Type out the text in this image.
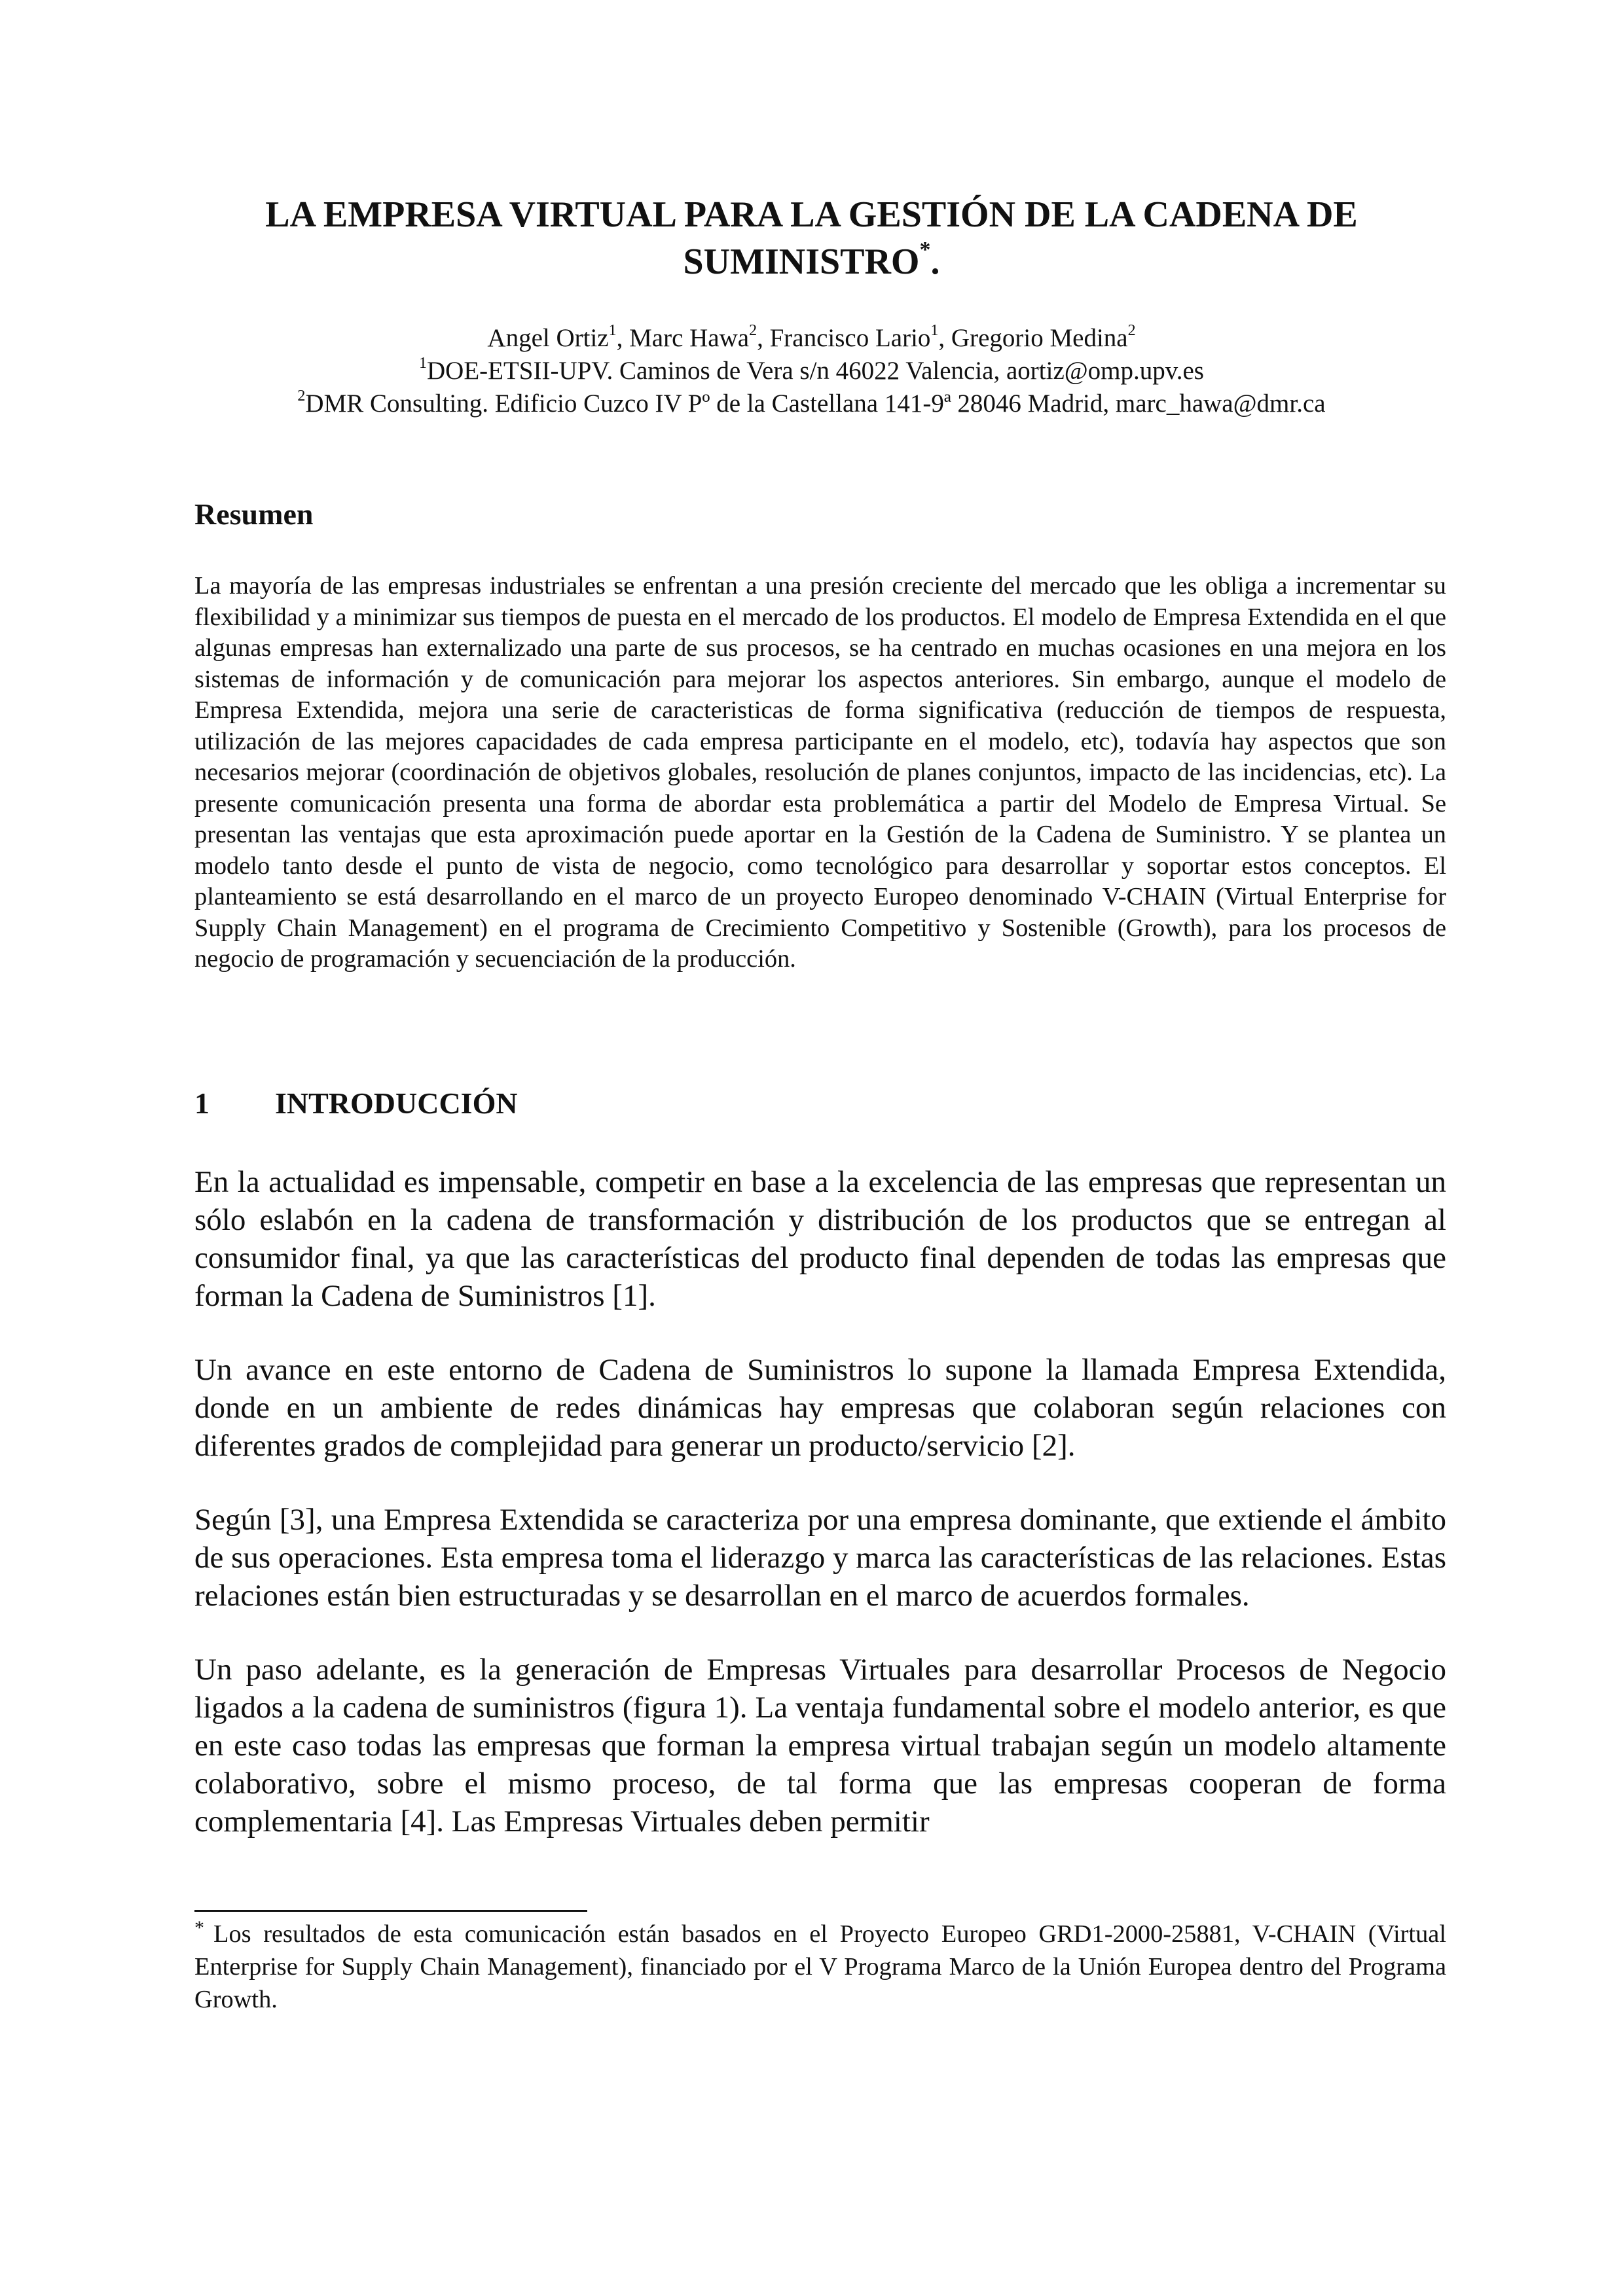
LA EMPRESA VIRTUAL PARA LA GESTIÓN DE LA CADENA DE
SUMINISTRO*.
Angel Ortiz$^1$, Marc Hawa$^2$, Francisco Lario$^1$, Gregorio Medina$^2$
$^1$DOE-ETSII-UPV. Caminos de Vera s/n 46022 Valencia, aortiz@omp.upv.es
$^2$DMR Consulting. Edificio Cuzco IV Pº de la Castellana 141-9ª 28046 Madrid, marc_hawa@dmr.ca
Resumen

La mayoría de las empresas industriales se enfrentan a una presión creciente del mercado que les obliga a incrementar su flexibilidad y a minimizar sus tiempos de puesta en el mercado de los productos. El modelo de Empresa Extendida en el que algunas empresas han externalizado una parte de sus procesos, se ha centrado en muchas ocasiones en una mejora en los sistemas de información y de comunicación para mejorar los aspectos anteriores. Sin embargo, aunque el modelo de Empresa Extendida, mejora una serie de caracteristicas de forma significativa (reducción de tiempos de respuesta, utilización de las mejores capacidades de cada empresa participante en el modelo, etc), todavía hay aspectos que son necesarios mejorar (coordinación de objetivos globales, resolución de planes conjuntos, impacto de las incidencias, etc). La presente comunicación presenta una forma de abordar esta problemática a partir del Modelo de Empresa Virtual. Se presentan las ventajas que esta aproximación puede aportar en la Gestión de la Cadena de Suministro. Y se plantea un modelo tanto desde el punto de vista de negocio, como tecnológico para desarrollar y soportar estos conceptos. El planteamiento se está desarrollando en el marco de un proyecto Europeo denominado V-CHAIN (Virtual Enterprise for Supply Chain Management) en el programa de Crecimiento Competitivo y Sostenible (Growth), para los procesos de negocio de programación y secuenciación de la producción.

1 INTRODUCCIÓN

En la actualidad es impensable, competir en base a la excelencia de las empresas que representan un sólo eslabón en la cadena de transformación y distribución de los productos que se entregan al consumidor final, ya que las características del producto final dependen de todas las empresas que forman la Cadena de Suministros [1].

Un avance en este entorno de Cadena de Suministros lo supone la llamada Empresa Extendida, donde en un ambiente de redes dinámicas hay empresas que colaboran según relaciones con diferentes grados de complejidad para generar un producto/servicio [2].

Según [3], una Empresa Extendida se caracteriza por una empresa dominante, que extiende el ámbito de sus operaciones. Esta empresa toma el liderazgo y marca las características de las relaciones. Estas relaciones están bien estructuradas y se desarrollan en el marco de acuerdos formales.

Un paso adelante, es la generación de Empresas Virtuales para desarrollar Procesos de Negocio ligados a la cadena de suministros (figura 1). La ventaja fundamental sobre el modelo anterior, es que en este caso todas las empresas que forman la empresa virtual trabajan según un modelo altamente colaborativo, sobre el mismo proceso, de tal forma que las empresas cooperan de forma complementaria [4]. Las Empresas Virtuales deben permitir

* Los resultados de esta comunicación están basados en el Proyecto Europeo GRD1-2000-25881, V-CHAIN (Virtual Enterprise for Supply Chain Management), financiado por el V Programa Marco de la Unión Europea dentro del Programa Growth.
